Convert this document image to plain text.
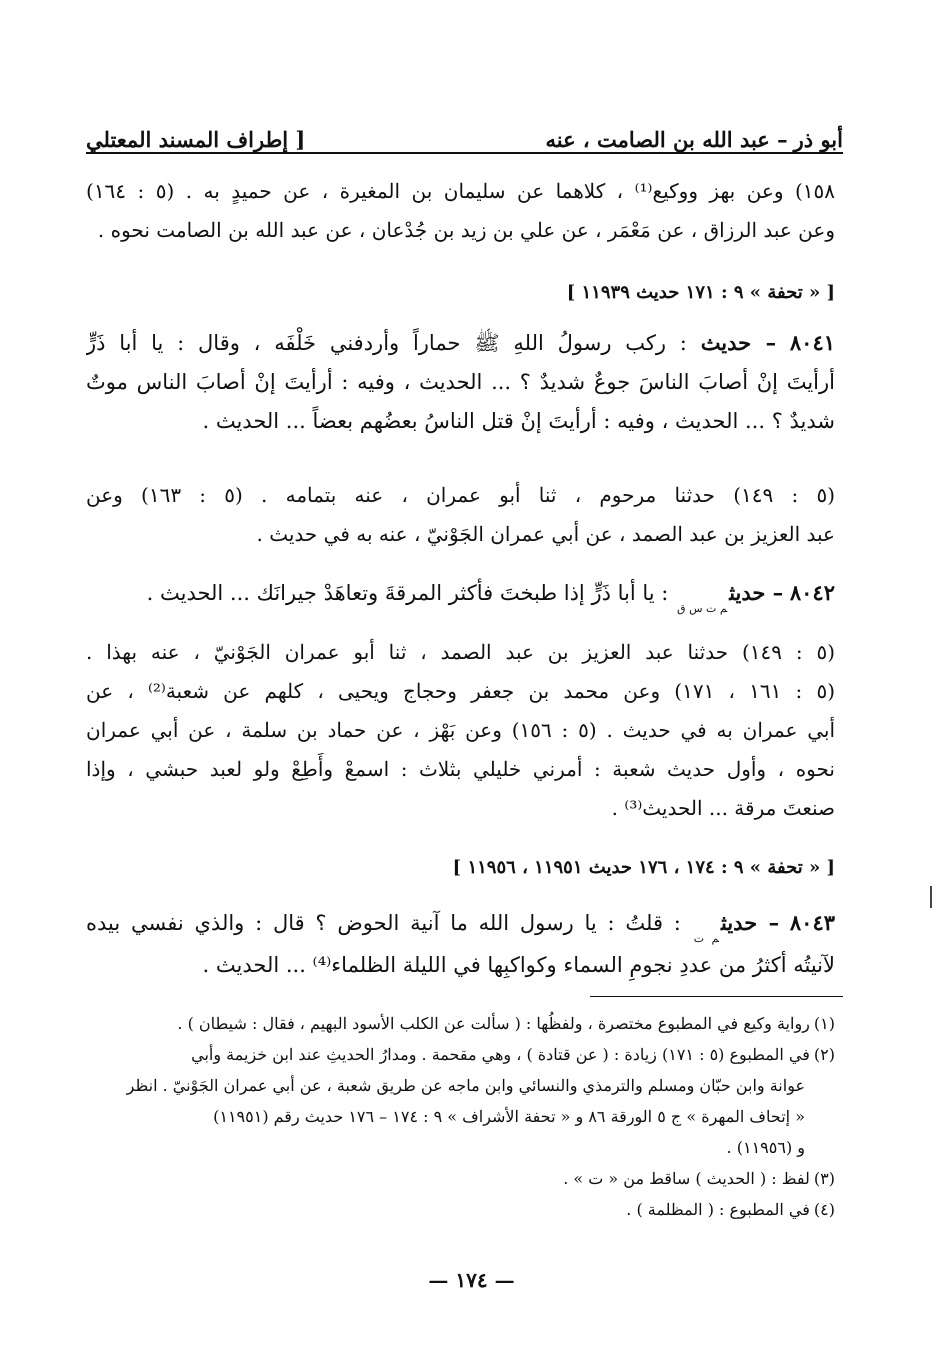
أبو ذر
– عبد الله بن الصامت ، عنه
[ إطراف المسند المعتلي
١٥٨) وعن بهز ووكيع⁽¹⁾ ، كلاهما عن سليمان بن المغيرة ، عن حميدٍ به . (٥ : ١٦٤)
وعن عبد الرزاق ، عن مَعْمَر ، عن علي بن زيد بن جُدْعان ، عن عبد الله بن الصامت نحوه .
[ « تحفة » ٩ : ١٧١ حديث ١١٩٣٩ ]
٨٠٤١ – حديث : ركب رسولُ اللهِ ﷺ حماراً وأردفني خَلْفَه ، وقال : يا أبا ذَرٍّ
أرأيتَ إنْ أصابَ الناسَ جوعٌ شديدٌ ؟ ... الحديث ، وفيه : أرأيتَ إنْ أصابَ الناس موتٌ
شديدٌ ؟ ... الحديث ، وفيه : أرأيتَ إنْ قتل الناسُ بعضُهم بعضاً ... الحديث .
(٥ : ١٤٩) حدثنا مرحوم ، ثنا أبو عمران ، عنه بتمامه . (٥ : ١٦٣) وعن
عبد العزيز بن عبد الصمد ، عن أبي عمران الجَوْنيّ ، عنه به في حديث .
٨٠٤٢ – حديث$_{م ت س ق}$ : يا أبا ذَرٍّ إذا طبختَ فأكثر المرقةَ وتعاهَدْ جيرانَك ... الحديث .
(٥ : ١٤٩) حدثنا عبد العزيز بن عبد الصمد ، ثنا أبو عمران الجَوْنيّ ، عنه بهذا .
(٥ : ١٦١ ، ١٧١) وعن محمد بن جعفر وحجاج ويحيى ، كلهم عن شعبة⁽²⁾ ، عن
أبي عمران به في حديث . (٥ : ١٥٦) وعن بَهْز ، عن حماد بن سلمة ، عن أبي عمران
نحوه ، وأول حديث شعبة : أمرني خليلي بثلاث : اسمعْ وأَطِعْ ولو لعبد حبشي ، وإذا
صنعتَ مرقة ... الحديث⁽³⁾ .
[ « تحفة » ٩ : ١٧٤ ، ١٧٦ حديث ١١٩٥١ ، ١١٩٥٦ ]
٨٠٤٣ – حديث$_{م ت}$ : قلتُ : يا رسول الله ما آنية الحوض ؟ قال : والذي نفسي بيده
لآنيتُه أكثرُ من عددِ نجومِ السماء وكواكبِها في الليلة الظلماء⁽⁴⁾ ... الحديث .
(١)رواية وكيع في المطبوع مختصرة ، ولفظُها : ( سألت عن الكلب الأسود البهيم ، فقال : شيطان ) .
(٢)في المطبوع (٥ : ١٧١) زيادة : ( عن قتادة ) ، وهي مقحمة . ومدارُ الحديثِ عند ابن خزيمة وأبي
عوانة وابن حبّان ومسلم والترمذي والنسائي وابن ماجه عن طريق شعبة ، عن أبي عمران الجَوْنيّ . انظر
« إتحاف المهرة » ج ٥ الورقة ٨٦ و « تحفة الأشراف » ٩ : ١٧٤ – ١٧٦ حديث رقم (١١٩٥١)
و (١١٩٥٦) .
(٣)لفظ : ( الحديث ) ساقط من « ت » .
(٤)في المطبوع : ( المظلمة ) .
— ١٧٤ —
